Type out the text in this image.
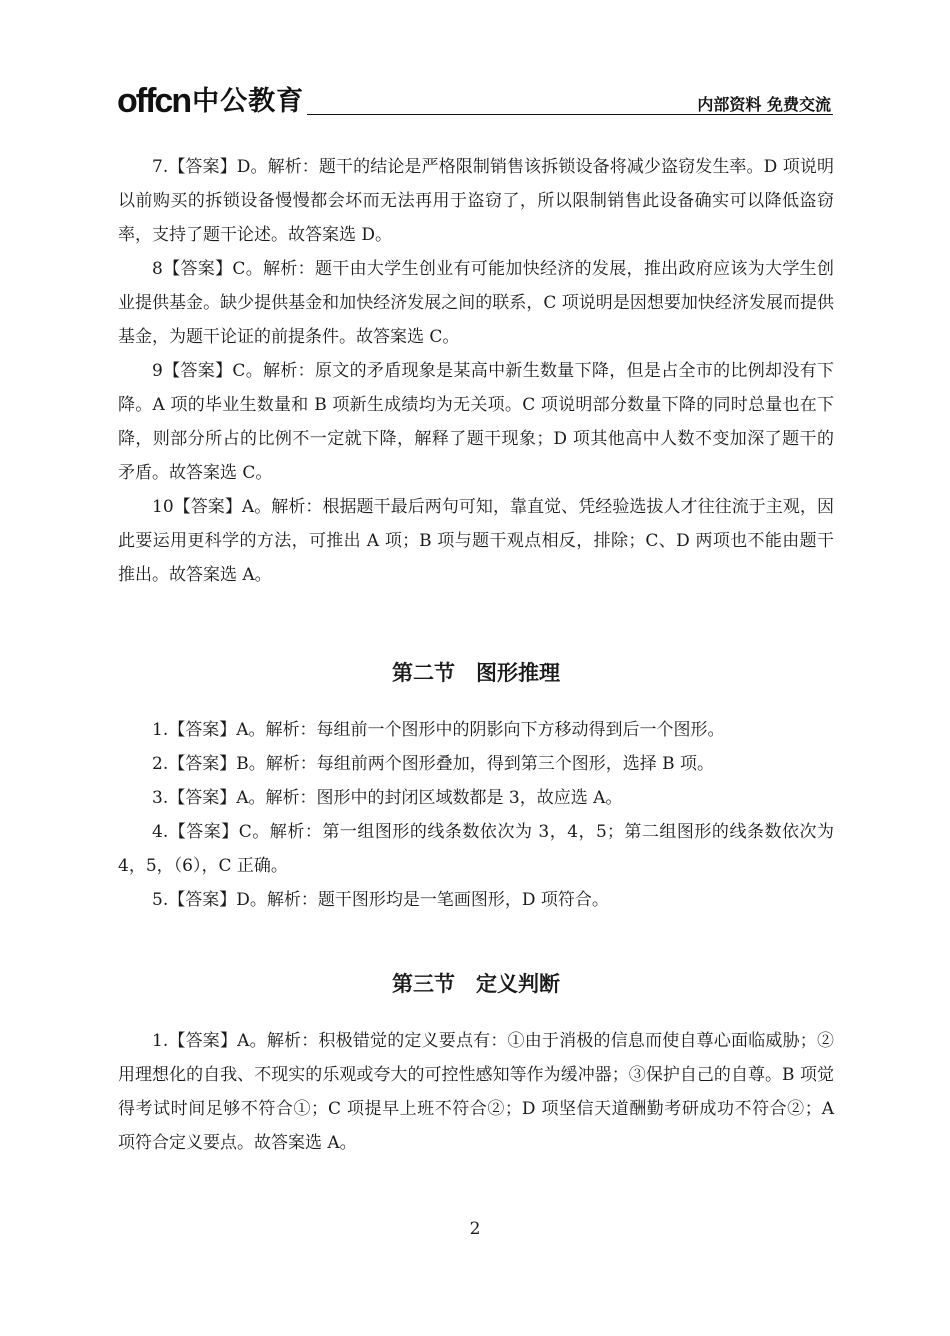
offcn 中公教育	内部资料 免费交流

7.【答案】D。解析：题干的结论是严格限制销售该拆锁设备将减少盗窃发生率。D 项说明以前购买的拆锁设备慢慢都会坏而无法再用于盗窃了，所以限制销售此设备确实可以降低盗窃率，支持了题干论述。故答案选 D。

8【答案】C。解析：题干由大学生创业有可能加快经济的发展，推出政府应该为大学生创业提供基金。缺少提供基金和加快经济发展之间的联系，C 项说明是因想要加快经济发展而提供基金，为题干论证的前提条件。故答案选 C。

9【答案】C。解析：原文的矛盾现象是某高中新生数量下降，但是占全市的比例却没有下降。A 项的毕业生数量和 B 项新生成绩均为无关项。C 项说明部分数量下降的同时总量也在下降，则部分所占的比例不一定就下降，解释了题干现象；D 项其他高中人数不变加深了题干的矛盾。故答案选 C。

10【答案】A。解析：根据题干最后两句可知，靠直觉、凭经验选拔人才往往流于主观，因此要运用更科学的方法，可推出 A 项；B 项与题干观点相反，排除；C、D 两项也不能由题干推出。故答案选 A。

第二节　图形推理

1.【答案】A。解析：每组前一个图形中的阴影向下方移动得到后一个图形。

2.【答案】B。解析：每组前两个图形叠加，得到第三个图形，选择 B 项。

3.【答案】A。解析：图形中的封闭区域数都是 3，故应选 A。

4.【答案】C。解析：第一组图形的线条数依次为 3，4，5；第二组图形的线条数依次为 4，5，（6），C 正确。

5.【答案】D。解析：题干图形均是一笔画图形，D 项符合。

第三节　定义判断

1.【答案】A。解析：积极错觉的定义要点有：①由于消极的信息而使自尊心面临威胁；②用理想化的自我、不现实的乐观或夸大的可控性感知等作为缓冲器；③保护自己的自尊。B 项觉得考试时间足够不符合①；C 项提早上班不符合②；D 项坚信天道酬勤考研成功不符合②；A 项符合定义要点。故答案选 A。

2
